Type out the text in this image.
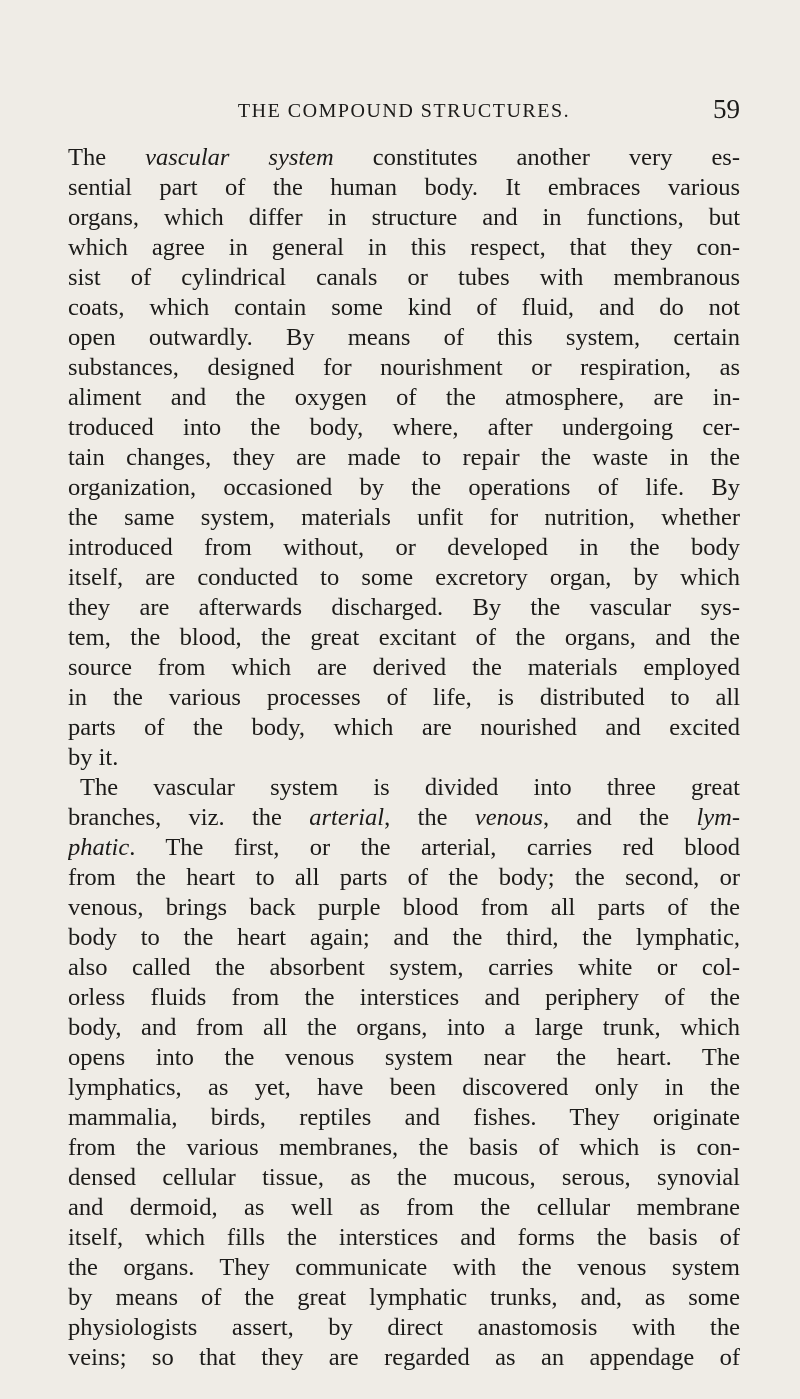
THE COMPOUND STRUCTURES.	59
The vascular system constitutes another very es-
sential part of the human body. It embraces various
organs, which differ in structure and in functions, but
which agree in general in this respect, that they con-
sist of cylindrical canals or tubes with membranous
coats, which contain some kind of fluid, and do not
open outwardly. By means of this system, certain
substances, designed for nourishment or respiration, as
aliment and the oxygen of the atmosphere, are in-
troduced into the body, where, after undergoing cer-
tain changes, they are made to repair the waste in the
organization, occasioned by the operations of life. By
the same system, materials unfit for nutrition, whether
introduced from without, or developed in the body
itself, are conducted to some excretory organ, by which
they are afterwards discharged. By the vascular sys-
tem, the blood, the great excitant of the organs, and the
source from which are derived the materials employed
in the various processes of life, is distributed to all
parts of the body, which are nourished and excited
by it.
The vascular system is divided into three great
branches, viz. the arterial, the venous, and the lym-
phatic. The first, or the arterial, carries red blood
from the heart to all parts of the body; the second, or
venous, brings back purple blood from all parts of the
body to the heart again; and the third, the lymphatic,
also called the absorbent system, carries white or col-
orless fluids from the interstices and periphery of the
body, and from all the organs, into a large trunk, which
opens into the venous system near the heart. The
lymphatics, as yet, have been discovered only in the
mammalia, birds, reptiles and fishes. They originate
from the various membranes, the basis of which is con-
densed cellular tissue, as the mucous, serous, synovial
and dermoid, as well as from the cellular membrane
itself, which fills the interstices and forms the basis of
the organs. They communicate with the venous system
by means of the great lymphatic trunks, and, as some
physiologists assert, by direct anastomosis with the
veins; so that they are regarded as an appendage of
